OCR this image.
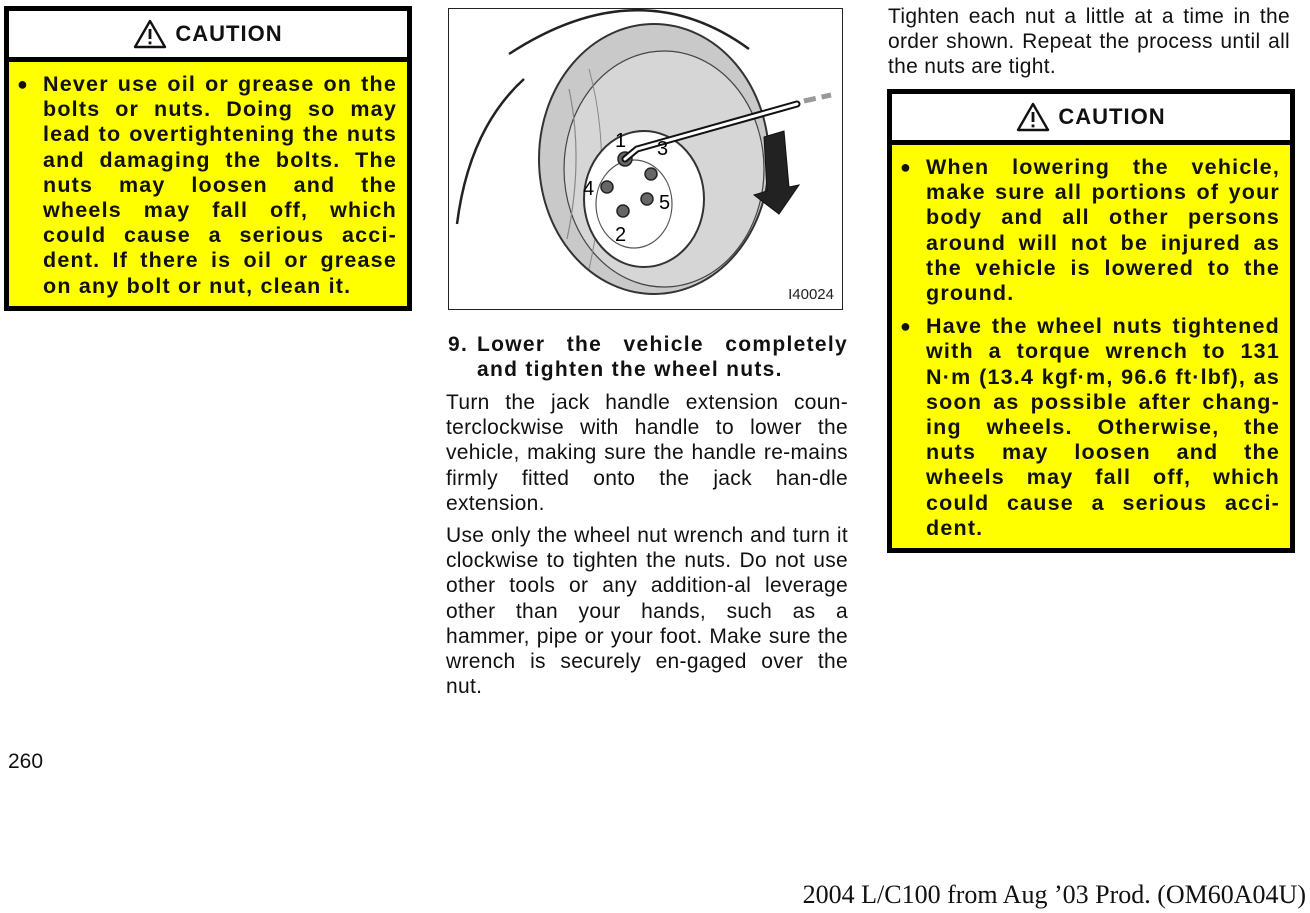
CAUTION
● Never use oil or grease on the bolts or nuts. Doing so may lead to overtightening the nuts and damaging the bolts. The nuts may loosen and the wheels may fall off, which could cause a serious acci-dent. If there is oil or grease on any bolt or nut, clean it.
1
2
3
4
5
I40024
9. Lower the vehicle completely and tighten the wheel nuts.

Turn the jack handle extension coun-terclockwise with handle to lower the vehicle, making sure the handle re-mains firmly fitted onto the jack han-dle extension.

Use only the wheel nut wrench and turn it clockwise to tighten the nuts. Do not use other tools or any addition-al leverage other than your hands, such as a hammer, pipe or your foot. Make sure the wrench is securely en-gaged over the nut.

Tighten each nut a little at a time in the order shown. Repeat the process until all the nuts are tight.

CAUTION
● When lowering the vehicle, make sure all portions of your body and all other persons around will not be injured as the vehicle is lowered to the ground.
● Have the wheel nuts tightened with a torque wrench to 131 N·m (13.4 kgf·m, 96.6 ft·lbf), as soon as possible after chang-ing wheels. Otherwise, the nuts may loosen and the wheels may fall off, which could cause a serious acci-dent.
260
2004 L/C100 from Aug ’03 Prod. (OM60A04U)
